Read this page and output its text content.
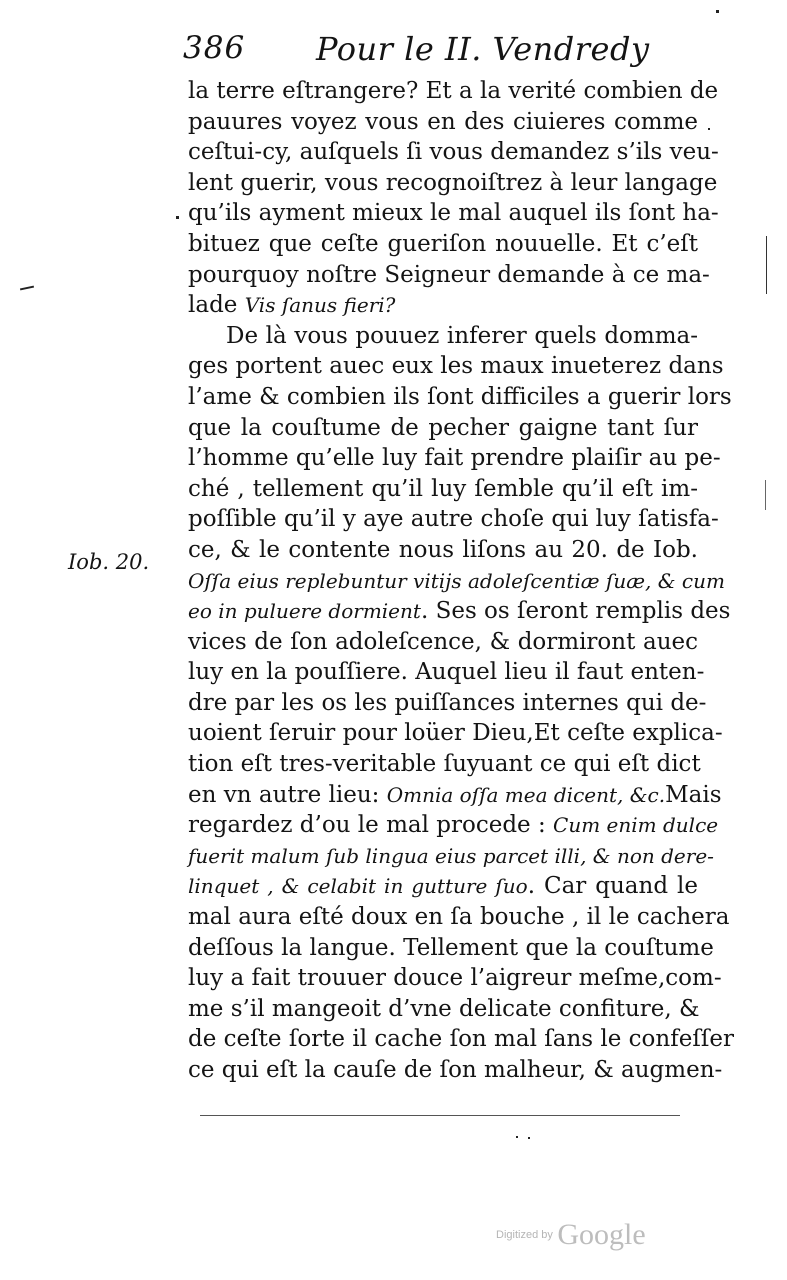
386 Pour le II. Vendredy
la terre eſtrangere? Et a la verité combien de
pauures voyez vous en des ciuieres comme
ceſtui-cy, auſquels ſi vous demandez s’ils veu-
lent guerir, vous recognoiſtrez à leur langage
qu’ils ayment mieux le mal auquel ils ſont ha-
bituez que ceſte gueriſon nouuelle. Et c’eſt
pourquoy noſtre Seigneur demande à ce ma-
lade Vis ſanus fieri?
De là vous pouuez inferer quels domma-
ges portent auec eux les maux inueterez dans
l’ame & combien ils ſont difficiles a guerir lors
que la couſtume de pecher gaigne tant ſur
l’homme qu’elle luy fait prendre plaiſir au pe-
ché , tellement qu’il luy ſemble qu’il eſt im-
poſſible qu’il y aye autre choſe qui luy ſatisfa-
ce, & le contente nous liſons au 20. de Iob.
Oſſa eius replebuntur vitijs adoleſcentiæ ſuæ, & cum
eo in puluere dormient. Ses os ſeront remplis des
vices de ſon adoleſcence, & dormiront auec
luy en la pouſſiere. Auquel lieu il faut enten-
dre par les os les puiſſances internes qui de-
uoient ſeruir pour loüer Dieu,Et ceſte explica-
tion eſt tres-veritable ſuyuant ce qui eſt dict
en vn autre lieu: Omnia oſſa mea dicent, &c.Mais
regardez d’ou le mal procede : Cum enim dulce
fuerit malum ſub lingua eius parcet illi, & non dere-
linquet , & celabit in gutture ſuo. Car quand le
mal aura eſté doux en ſa bouche , il le cachera
deſſous la langue. Tellement que la couſtume
luy a fait trouuer douce l’aigreur meſme,com-
me s’il mangeoit d’vne delicate confiture, &
de ceſte ſorte il cache ſon mal ſans le confeſſer
ce qui eſt la cauſe de ſon malheur, & augmen-
Iob. 20.
Digitized by Google
